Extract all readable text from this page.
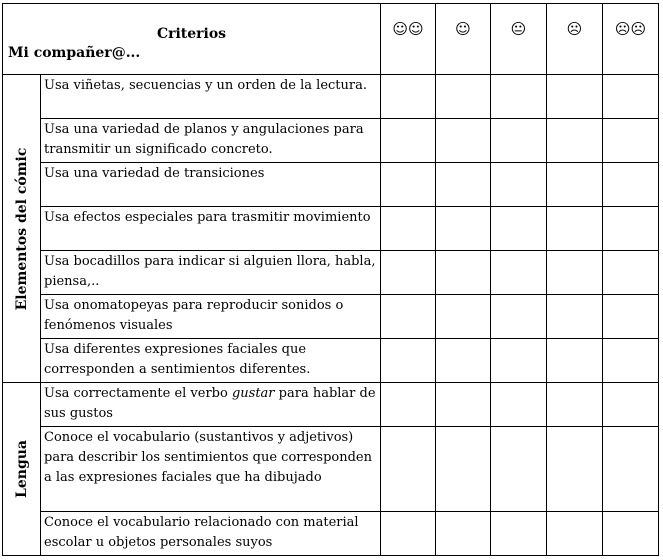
Criterios
Mi compañer@...		☺☺	☺	😐	☹	☹☹

Elementos del cómic	Usa viñetas, secuencias y un orden de la lectura.					
	Usa una variedad de planos y angulaciones para transmitir un significado concreto.					
	Usa una variedad de transiciones					
	Usa efectos especiales para trasmitir movimiento					
	Usa bocadillos para indicar si alguien llora, habla, piensa,..					
	Usa onomatopeyas para reproducir sonidos o fenómenos visuales					
	Usa diferentes expresiones faciales que corresponden a sentimientos diferentes.					

Lengua	Usa correctamente el verbo gustar para hablar de sus gustos					
	Conoce el vocabulario (sustantivos y adjetivos) para describir los sentimientos que corresponden a las expresiones faciales que ha dibujado					
	Conoce el vocabulario relacionado con material escolar u objetos personales suyos					
